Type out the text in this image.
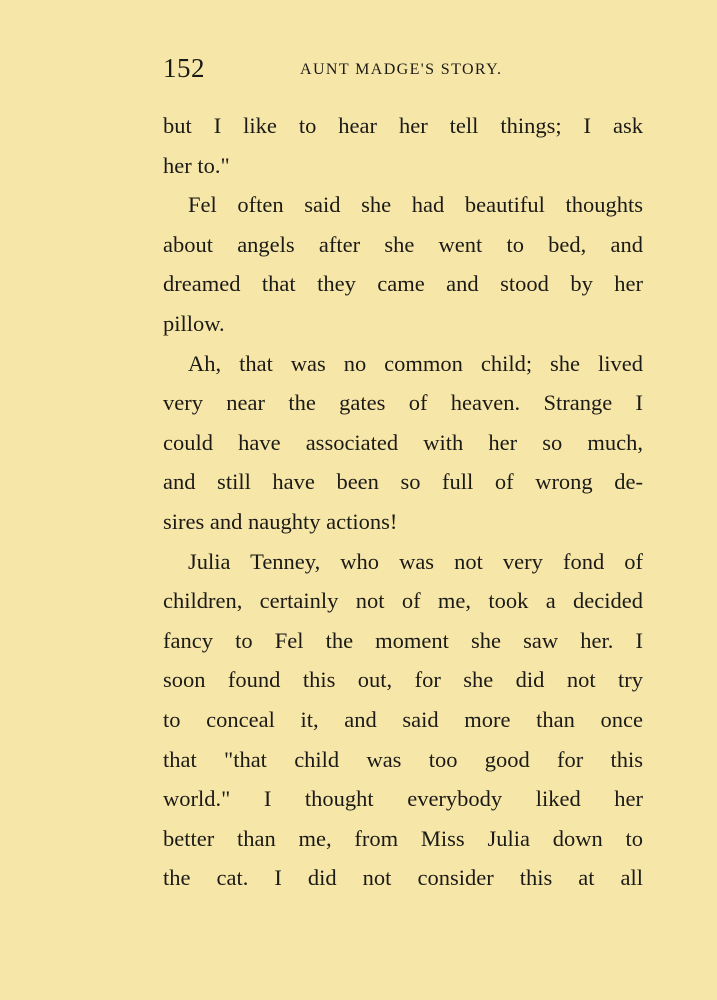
152	AUNT MADGE'S STORY.
but I like to hear her tell things; I ask
her to."
Fel often said she had beautiful thoughts
about angels after she went to bed, and
dreamed that they came and stood by her
pillow.
Ah, that was no common child; she lived
very near the gates of heaven. Strange I
could have associated with her so much,
and still have been so full of wrong de-
sires and naughty actions!
Julia Tenney, who was not very fond of
children, certainly not of me, took a decided
fancy to Fel the moment she saw her. I
soon found this out, for she did not try
to conceal it, and said more than once
that "that child was too good for this
world." I thought everybody liked her
better than me, from Miss Julia down to
the cat. I did not consider this at all
